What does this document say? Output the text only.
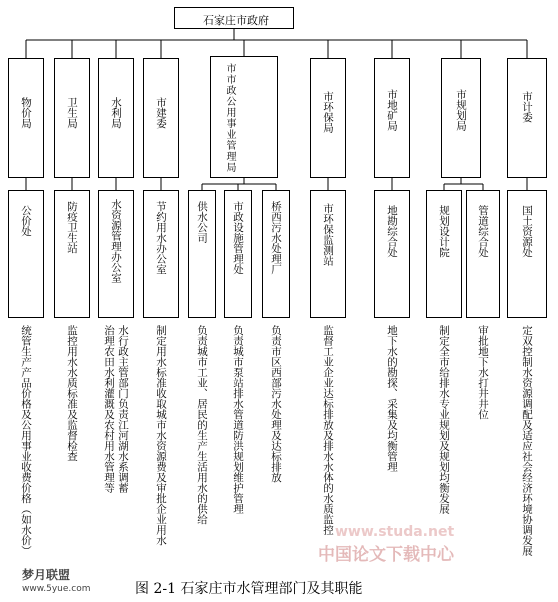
石家庄市政府
物价局	卫生局	水利局	市建委	市市政公用事业管理局	市环保局	市地矿局	市规划局	市计委
公价处	防疫卫生站	水资源管理办公室	节约用水办公室	供水公司 市政设施管理处 桥西污水处理厂	市环保监测站	地勘综合处	规划设计院	管道综合处	国土资源处
统管生产产品价格及公用事业收费价格（如水价）	监控用水水质标准及监督检查 治理农田水利灌溉及农村用水管理等 水行政主管部门负责江河湖水系调蓄 制定用水标准收取城市水资源费及审批企业用水	负责城市工业、居民的生产生活用水的供给 负责城市泵站排水管道防洪规划维护管理 负责市区西部污水处理及达标排放	监督工业企业达标排放及排水水体的水质监控	地下水的勘探、采集及均衡管理	制定全市给排水专业规划及规划均衡发展	审批地下水打井井位	定双控制水资源调配及适应社会经济环境协调发展
www.studa.net
中国论文下载中心
梦月联盟
www.5yue.com	图 2-1 石家庄市水管理部门及其职能
